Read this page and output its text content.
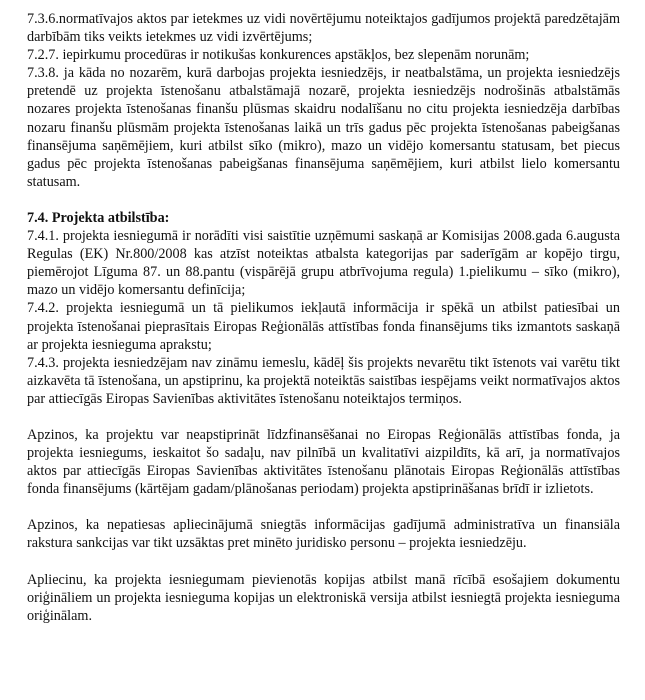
7.3.6.normatīvajos aktos par ietekmes uz vidi novērtējumu noteiktajos gadījumos projektā paredzētajām darbībām tiks veikts ietekmes uz vidi izvērtējums;

7.2.7. iepirkumu procedūras ir notikušas konkurences apstākļos, bez slepenām norunām;

7.3.8. ja kāda no nozarēm, kurā darbojas projekta iesniedzējs, ir neatbalstāma, un projekta iesniedzējs pretendē uz projekta īstenošanu atbalstāmajā nozarē, projekta iesniedzējs nodrošinās atbalstāmās nozares projekta īstenošanas finanšu plūsmas skaidru nodalīšanu no citu projekta iesniedzēja darbības nozaru finanšu plūsmām projekta īstenošanas laikā un trīs gadus pēc projekta īstenošanas pabeigšanas finansējuma saņēmējiem, kuri atbilst sīko (mikro), mazo un vidējo komersantu statusam, bet piecus gadus pēc projekta īstenošanas pabeigšanas finansējuma saņēmējiem, kuri atbilst lielo komersantu statusam.

7.4. Projekta atbilstība:

7.4.1. projekta iesniegumā ir norādīti visi saistītie uzņēmumi saskaņā ar Komisijas 2008.gada 6.augusta Regulas (EK) Nr.800/2008 kas atzīst noteiktas atbalsta kategorijas par saderīgām ar kopējo tirgu, piemērojot Līguma 87. un 88.pantu (vispārējā grupu atbrīvojuma regula) 1.pielikumu – sīko (mikro), mazo un vidējo komersantu definīcija;

7.4.2. projekta iesniegumā un tā pielikumos iekļautā informācija ir spēkā un atbilst patiesībai un projekta īstenošanai pieprasītais Eiropas Reģionālās attīstības fonda finansējums tiks izmantots saskaņā ar projekta iesnieguma aprakstu;

7.4.3. projekta iesniedzējam nav zināmu iemeslu, kādēļ šis projekts nevarētu tikt īstenots vai varētu tikt aizkavēta tā īstenošana, un apstiprinu, ka projektā noteiktās saistības iespējams veikt normatīvajos aktos par attiecīgās Eiropas Savienības aktivitātes īstenošanu noteiktajos termiņos.

Apzinos, ka projektu var neapstiprināt līdzfinansēšanai no Eiropas Reģionālās attīstības fonda, ja projekta iesniegums, ieskaitot šo sadaļu, nav pilnībā un kvalitatīvi aizpildīts, kā arī, ja normatīvajos aktos par attiecīgās Eiropas Savienības aktivitātes īstenošanu plānotais Eiropas Reģionālās attīstības fonda finansējums (kārtējam gadam/plānošanas periodam) projekta apstiprināšanas brīdī ir izlietots.

Apzinos, ka nepatiesas apliecinājumā sniegtās informācijas gadījumā administratīva un finansiāla rakstura sankcijas var tikt uzsāktas pret minēto juridisko personu – projekta iesniedzēju.

Apliecinu, ka projekta iesniegumam pievienotās kopijas atbilst manā rīcībā esošajiem dokumentu oriģināliem un projekta iesnieguma kopijas un elektroniskā versija atbilst iesniegtā projekta iesnieguma oriģinālam.
